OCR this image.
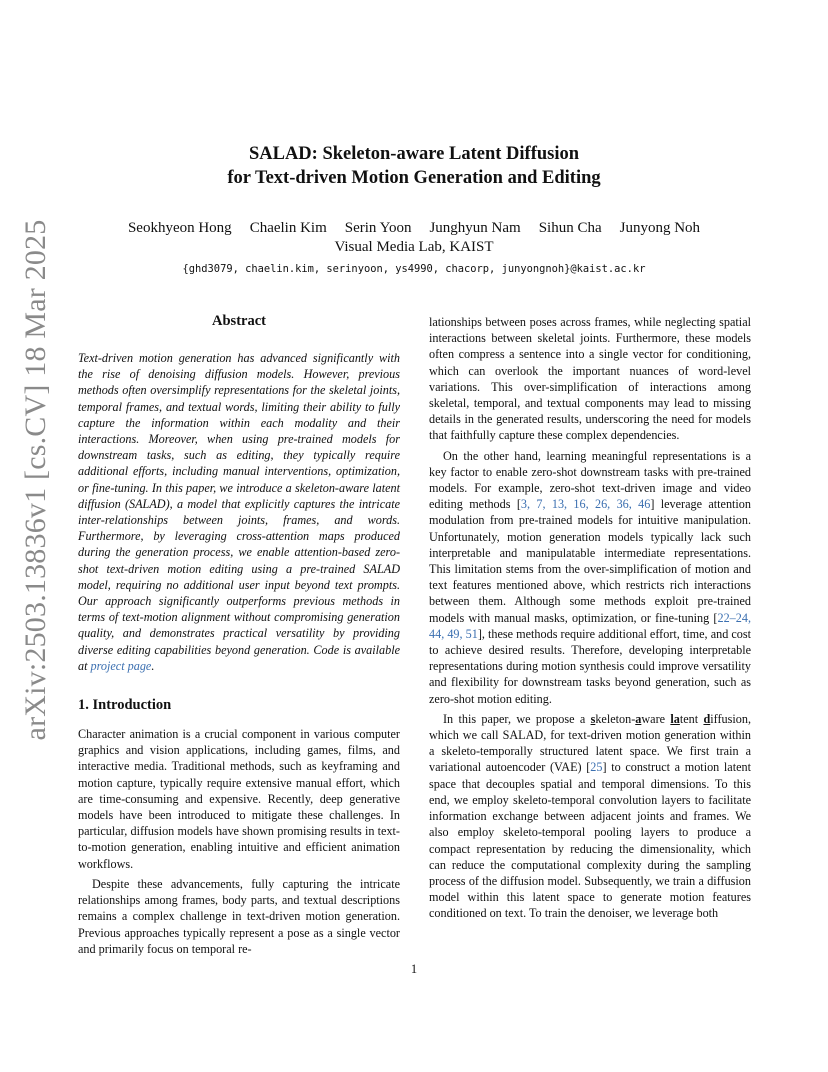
arXiv:2503.13836v1 [cs.CV] 18 Mar 2025
SALAD: Skeleton-aware Latent Diffusion
for Text-driven Motion Generation and Editing
Seokhyeon Hong Chaelin Kim Serin Yoon Junghyun Nam Sihun Cha Junyong Noh
Visual Media Lab, KAIST
{ghd3079, chaelin.kim, serinyoon, ys4990, chacorp, junyongnoh}@kaist.ac.kr
Abstract

Text-driven motion generation has advanced significantly with the rise of denoising diffusion models. However, previous methods often oversimplify representations for the skeletal joints, temporal frames, and textual words, limiting their ability to fully capture the information within each modality and their interactions. Moreover, when using pre-trained models for downstream tasks, such as editing, they typically require additional efforts, including manual interventions, optimization, or fine-tuning. In this paper, we introduce a skeleton-aware latent diffusion (SALAD), a model that explicitly captures the intricate inter-relationships between joints, frames, and words. Furthermore, by leveraging cross-attention maps produced during the generation process, we enable attention-based zero-shot text-driven motion editing using a pre-trained SALAD model, requiring no additional user input beyond text prompts. Our approach significantly outperforms previous methods in terms of text-motion alignment without compromising generation quality, and demonstrates practical versatility by providing diverse editing capabilities beyond generation. Code is available at project page.

1. Introduction

Character animation is a crucial component in various computer graphics and vision applications, including games, films, and interactive media. Traditional methods, such as keyframing and motion capture, typically require extensive manual effort, which are time-consuming and expensive. Recently, deep generative models have been introduced to mitigate these challenges. In particular, diffusion models have shown promising results in text-to-motion generation, enabling intuitive and efficient animation workflows.

Despite these advancements, fully capturing the intricate relationships among frames, body parts, and textual descriptions remains a complex challenge in text-driven motion generation. Previous approaches typically represent a pose as a single vector and primarily focus on temporal re-

lationships between poses across frames, while neglecting spatial interactions between skeletal joints. Furthermore, these models often compress a sentence into a single vector for conditioning, which can overlook the important nuances of word-level variations. This over-simplification of interactions among skeletal, temporal, and textual components may lead to missing details in the generated results, underscoring the need for models that faithfully capture these complex dependencies.

On the other hand, learning meaningful representations is a key factor to enable zero-shot downstream tasks with pre-trained models. For example, zero-shot text-driven image and video editing methods [3, 7, 13, 16, 26, 36, 46] leverage attention modulation from pre-trained models for intuitive manipulation. Unfortunately, motion generation models typically lack such interpretable and manipulatable intermediate representations. This limitation stems from the over-simplification of motion and text features mentioned above, which restricts rich interactions between them. Although some methods exploit pre-trained models with manual masks, optimization, or fine-tuning [22–24, 44, 49, 51], these methods require additional effort, time, and cost to achieve desired results. Therefore, developing interpretable representations during motion synthesis could improve versatility and flexibility for downstream tasks beyond generation, such as zero-shot motion editing.

In this paper, we propose a skeleton-aware latent diffusion, which we call SALAD, for text-driven motion generation within a skeleto-temporally structured latent space. We first train a variational autoencoder (VAE) [25] to construct a motion latent space that decouples spatial and temporal dimensions. To this end, we employ skeleto-temporal convolution layers to facilitate information exchange between adjacent joints and frames. We also employ skeleto-temporal pooling layers to produce a compact representation by reducing the dimensionality, which can reduce the computational complexity during the sampling process of the diffusion model. Subsequently, we train a diffusion model within this latent space to generate motion features conditioned on text. To train the denoiser, we leverage both

1
